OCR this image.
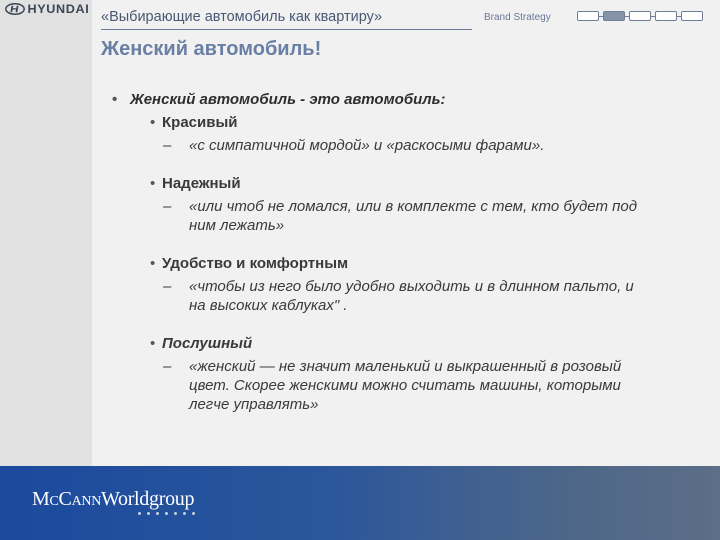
HYUNDAI «Выбирающие автомобиль как квартиру»	Brand Strategy
Женский автомобиль!
• Женский автомобиль - это автомобиль:
• Красивый
– «с симпатичной мордой» и «раскосыми фарами».
• Надежный
– «или чтоб не ломался, или в комплекте с тем, кто будет под ним лежать»
• Удобство и комфортным
– «чтобы из него было удобно выходить и в длинном пальто, и на высоких каблуках" .
• Послушный
– «женский — не значит маленький и выкрашенный в розовый цвет. Скорее женскими можно считать машины, которыми легче управлять»
MCCANNWorldgroup
